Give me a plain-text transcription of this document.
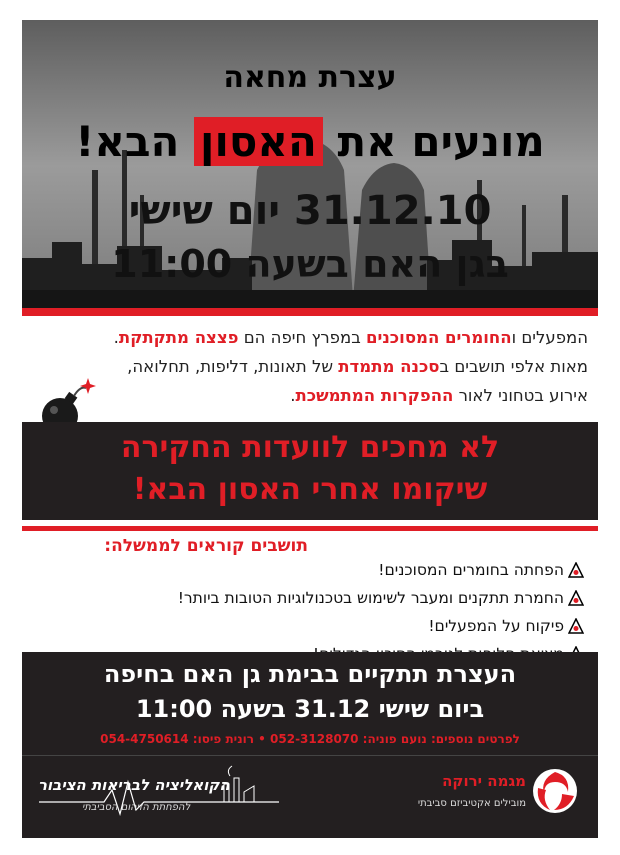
עצרת מחאה
מונעים את האסון הבא!
31.12.10 יום שישי
בגן האם בשעה 11:00
המפעלים והחומרים המסוכנים במפרץ חיפה הם פצצה מתקתקת.
מאות אלפי תושבים בסכנה מתמדת של תאונות, דליפות, תחלואה,
אירוע בטחוני לאור ההפקרות המתמשכת.
לא מחכים לוועדות החקירה
שיקומו אחרי האסון הבא!
תושבים קוראים לממשלה:
הפחתה בחומרים המסוכנים!
החמרת תתקנים ומעבר לשימוש בטכנולוגיות הטובות ביותר!
פיקוח על המפעלים!
העצרת תתקיים בבימת גן האם בחיפה
ביום שישי 31.12 בשעה 11:00
לפרטים נוספים: נועם פוניה: 052-3128070 • רונית פיסו: 054-4750614
הקואליציה לבריאות הציבור
להפחתת הזיהום הסביבתי
מגמה ירוקה
מובילים אקטיביזם סביבתי
